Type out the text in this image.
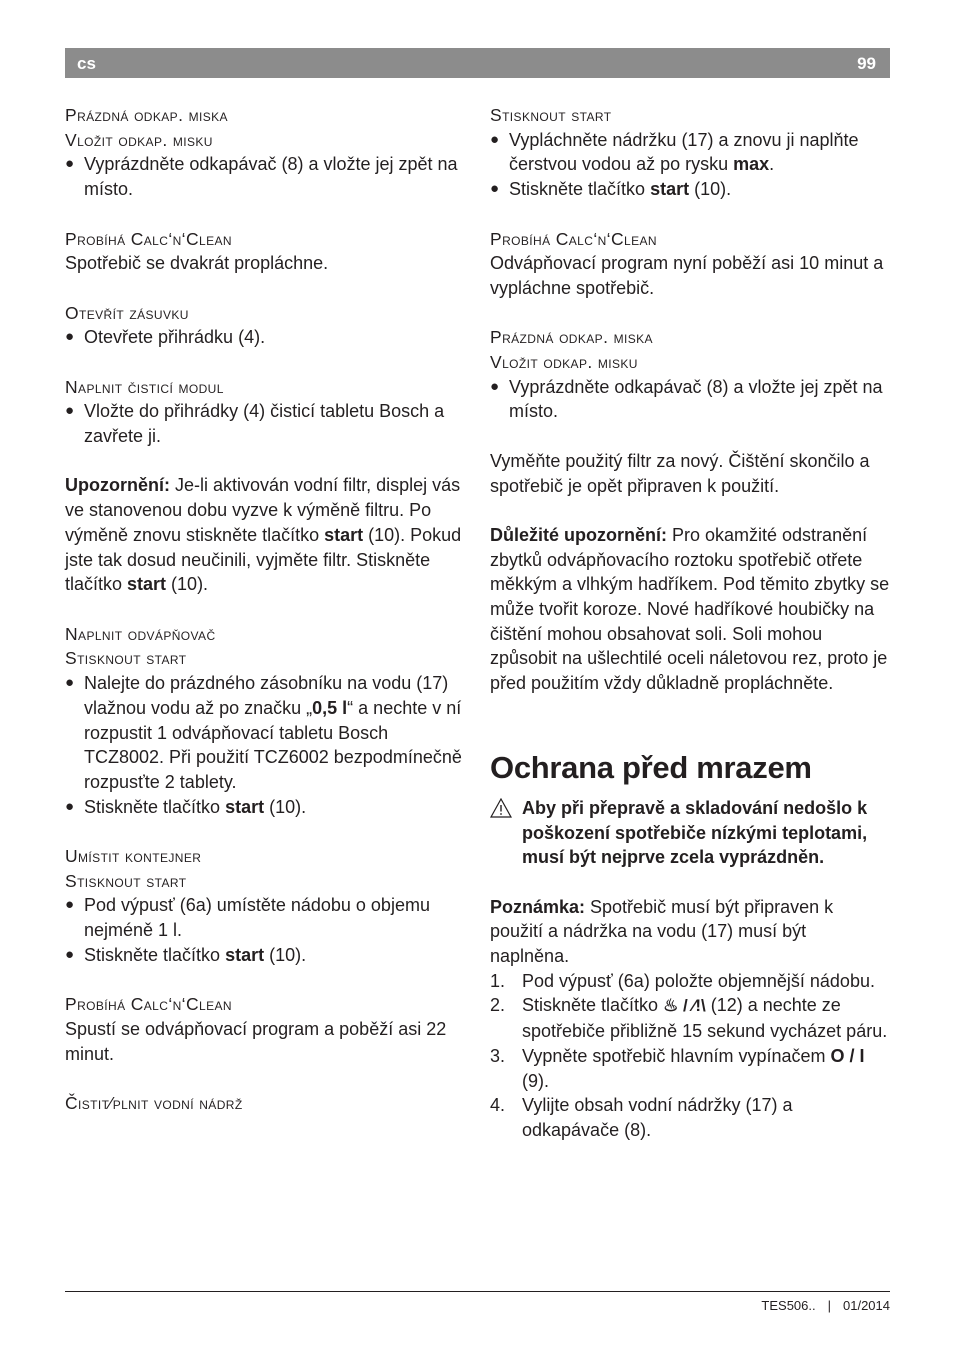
cs	99
Prázdná odkap. miska
Vložit odkap. misku
● Vyprázdněte odkapávač (8) a vložte jej zpět na místo.
Probíhá Calc‘n‘Clean
Spotřebič se dvakrát propláchne.
Otevřít zásuvku
● Otevřete přihrádku (4).
Naplnit čisticí modul
● Vložte do přihrádky (4) čisticí tabletu Bosch a zavřete ji.
Upozornění: Je-li aktivován vodní filtr, displej vás ve stanovenou dobu vyzve k výměně filtru. Po výměně znovu stiskněte tlačítko start (10). Pokud jste tak dosud neučinili, vyjměte filtr. Stiskněte tlačítko start (10).
Naplnit odvápňovač
Stisknout start
● Nalejte do prázdného zásobníku na vodu (17) vlažnou vodu až po značku „0,5 l“ a nechte v ní rozpustit 1 odvápňovací tabletu Bosch TCZ8002. Při použití TCZ6002 bezpodmínečně rozpusťte 2 tablety.
● Stiskněte tlačítko start (10).
Umístit kontejner
Stisknout start
● Pod výpusť (6a) umístěte nádobu o objemu nejméně 1 l.
● Stiskněte tlačítko start (10).
Probíhá Calc‘n‘Clean
Spustí se odvápňovací program a poběží asi 22 minut.
Čistit⁄plnit vodní nádrž
Stisknout start
● Vypláchněte nádržku (17) a znovu ji naplňte čerstvou vodou až po rysku max.
● Stiskněte tlačítko start (10).
Probíhá Calc‘n‘Clean
Odvápňovací program nyní poběží asi 10 minut a vypláchne spotřebič.
Prázdná odkap. miska
Vložit odkap. misku
● Vyprázdněte odkapávač (8) a vložte jej zpět na místo.
Vyměňte použitý filtr za nový. Čištění skončilo a spotřebič je opět připraven k použití.
Důležité upozornění: Pro okamžité odstranění zbytků odvápňovacího roztoku spotřebič otřete měkkým a vlhkým hadříkem. Pod těmito zbytky se může tvořit koroze. Nové hadříkové houbičky na čištění mohou obsahovat soli. Soli mohou způsobit na ušlechtilé oceli náletovou rez, proto je před použitím vždy důkladně propláchněte.
Ochrana před mrazem
Aby při přepravě a skladování nedošlo k poškození spotřebiče nízkými teplotami, musí být nejprve zcela vyprázdněn.
Poznámka: Spotřebič musí být připraven k použití a nádržka na vodu (17) musí být naplněna.
1. Pod výpusť (6a) položte objemnější nádobu.
2. Stiskněte tlačítko ♨ / ⁄!\ (12) a nechte ze spotřebiče přibližně 15 sekund vycházet páru.
3. Vypněte spotřebič hlavním vypínačem O / I (9).
4. Vylijte obsah vodní nádržky (17) a odkapávače (8).
TES506.. | 01/2014
